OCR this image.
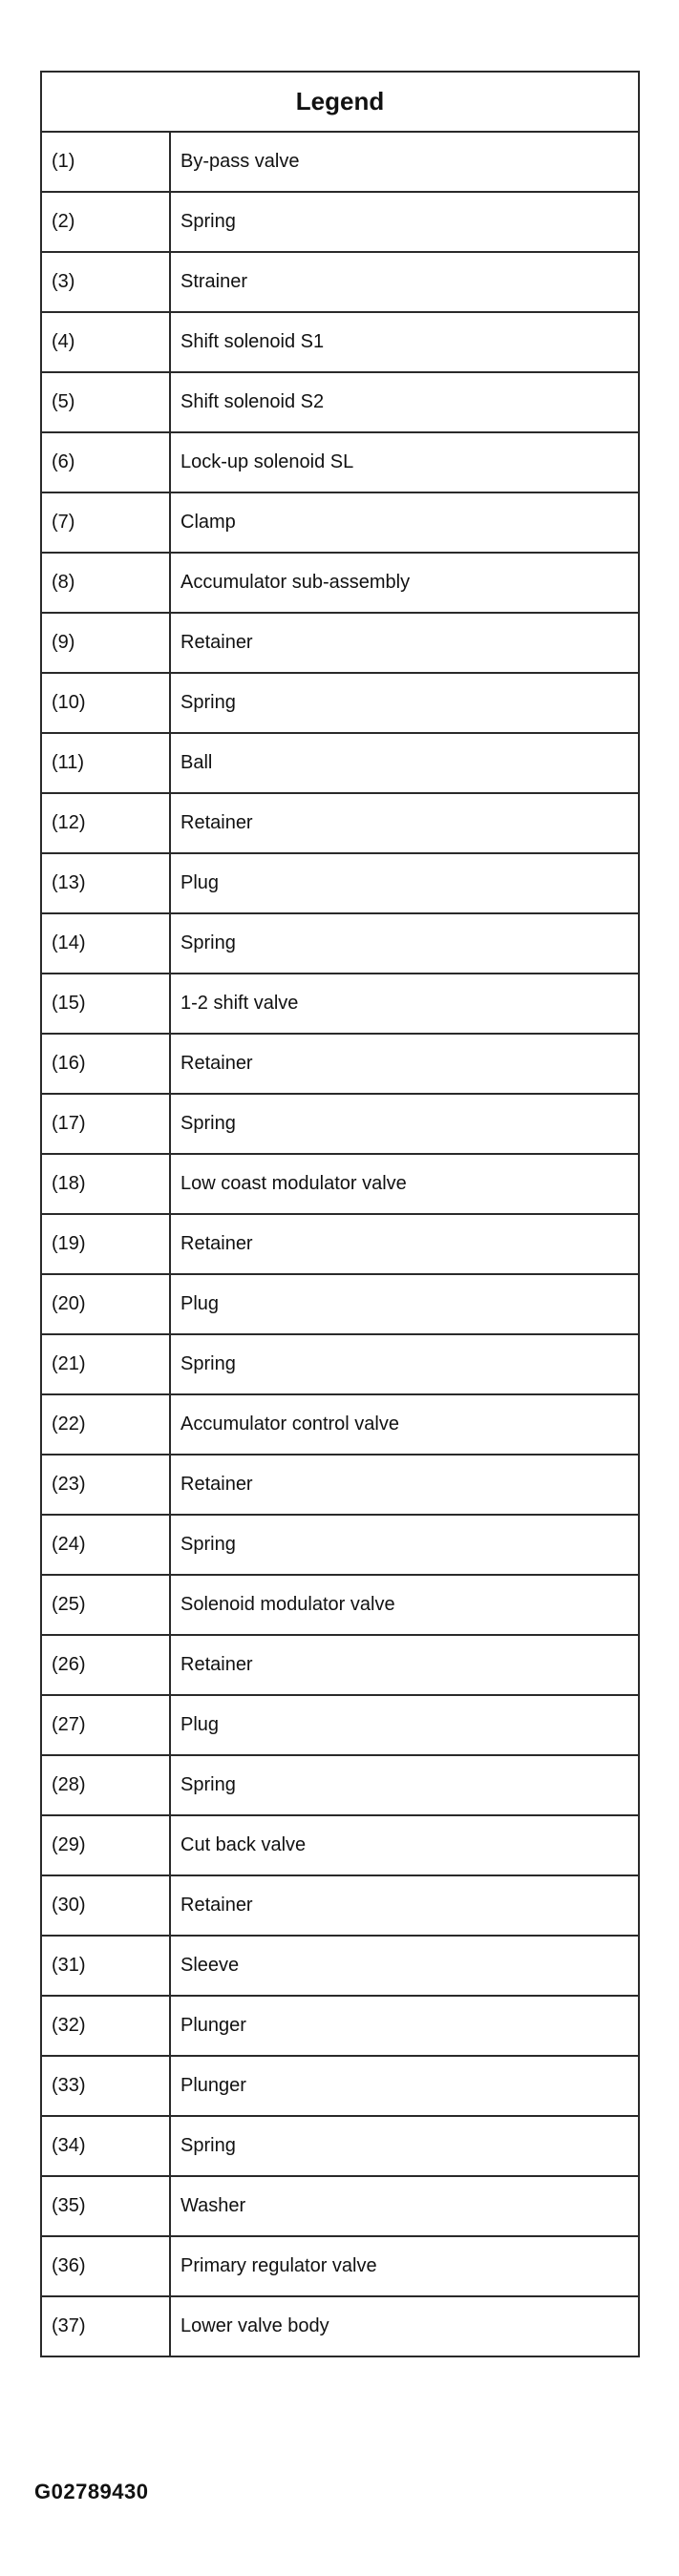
Legend	
(1)	By-pass valve
(2)	Spring
(3)	Strainer
(4)	Shift solenoid S1
(5)	Shift solenoid S2
(6)	Lock-up solenoid SL
(7)	Clamp
(8)	Accumulator sub-assembly
(9)	Retainer
(10)	Spring
(11)	Ball
(12)	Retainer
(13)	Plug
(14)	Spring
(15)	1-2 shift valve
(16)	Retainer
(17)	Spring
(18)	Low coast modulator valve
(19)	Retainer
(20)	Plug
(21)	Spring
(22)	Accumulator control valve
(23)	Retainer
(24)	Spring
(25)	Solenoid modulator valve
(26)	Retainer
(27)	Plug
(28)	Spring
(29)	Cut back valve
(30)	Retainer
(31)	Sleeve
(32)	Plunger
(33)	Plunger
(34)	Spring
(35)	Washer
(36)	Primary regulator valve
(37)	Lower valve body
G02789430
